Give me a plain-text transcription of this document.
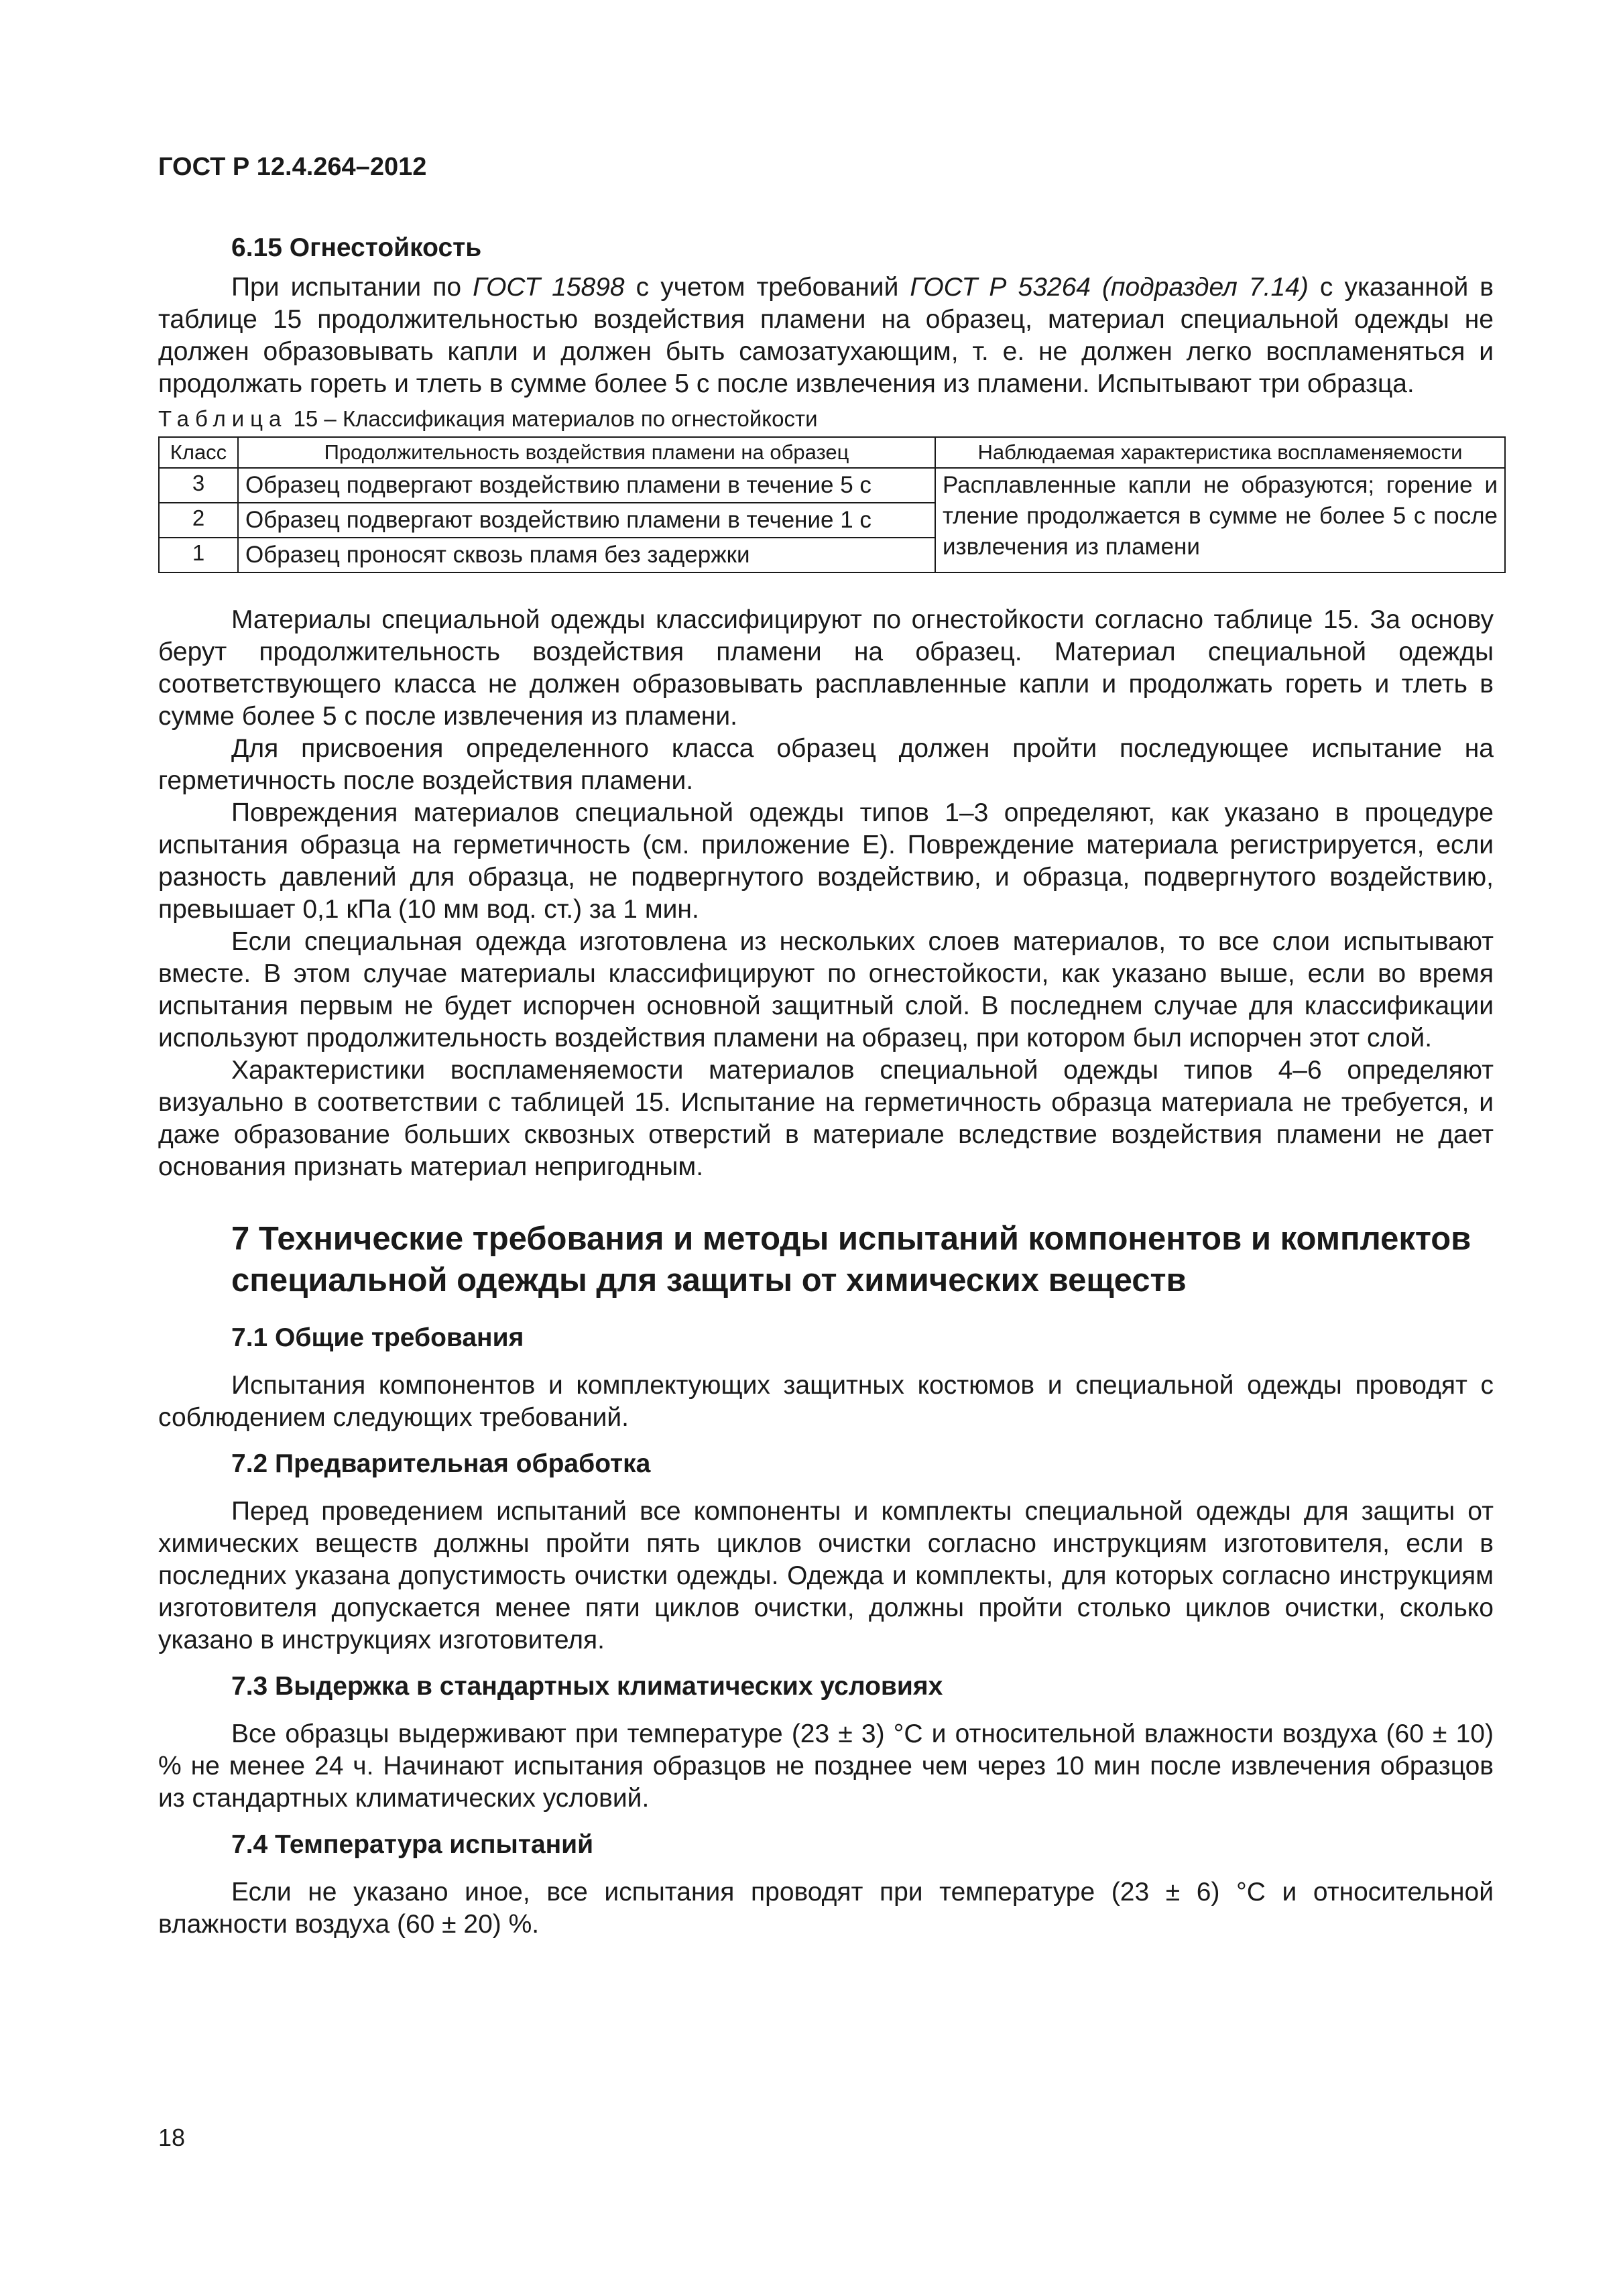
ГОСТ Р 12.4.264–2012

6.15 Огнестойкость

При испытании по ГОСТ 15898 с учетом требований ГОСТ Р 53264 (подраздел 7.14) с указанной в таблице 15 продолжительностью воздействия пламени на образец, материал специальной одежды не должен образовывать капли и должен быть самозатухающим, т. е. не должен легко воспламеняться и продолжать гореть и тлеть в сумме более 5 с после извлечения из пламени. Испытывают три образца.

Таблица 15 – Классификация материалов по огнестойкости

Класс	Продолжительность воздействия пламени на образец	Наблюдаемая характеристика воспламеняемости
3	Образец подвергают воздействию пламени в течение 5 с	Расплавленные капли не образуются; горение и тление продолжается в сумме не более 5 с после извлечения из пламени
2	Образец подвергают воздействию пламени в течение 1 с	
1	Образец проносят сквозь пламя без задержки	

Материалы специальной одежды классифицируют по огнестойкости согласно таблице 15. За основу берут продолжительность воздействия пламени на образец. Материал специальной одежды соответствующего класса не должен образовывать расплавленные капли и продолжать гореть и тлеть в сумме более 5 с после извлечения из пламени.

Для присвоения определенного класса образец должен пройти последующее испытание на герметичность после воздействия пламени.

Повреждения материалов специальной одежды типов 1–3 определяют, как указано в процедуре испытания образца на герметичность (см. приложение Е). Повреждение материала регистрируется, если разность давлений для образца, не подвергнутого воздействию, и образца, подвергнутого воздействию, превышает 0,1 кПа (10 мм вод. ст.) за 1 мин.

Если специальная одежда изготовлена из нескольких слоев материалов, то все слои испытывают вместе. В этом случае материалы классифицируют по огнестойкости, как указано выше, если во время испытания первым не будет испорчен основной защитный слой. В последнем случае для классификации используют продолжительность воздействия пламени на образец, при котором был испорчен этот слой.

Характеристики воспламеняемости материалов специальной одежды типов 4–6 определяют визуально в соответствии с таблицей 15. Испытание на герметичность образца материала не требуется, и даже образование больших сквозных отверстий в материале вследствие воздействия пламени не дает основания признать материал непригодным.

7 Технические требования и методы испытаний компонентов и комплектов специальной одежды для защиты от химических веществ

7.1 Общие требования

Испытания компонентов и комплектующих защитных костюмов и специальной одежды проводят с соблюдением следующих требований.

7.2 Предварительная обработка

Перед проведением испытаний все компоненты и комплекты специальной одежды для защиты от химических веществ должны пройти пять циклов очистки согласно инструкциям изготовителя, если в последних указана допустимость очистки одежды. Одежда и комплекты, для которых согласно инструкциям изготовителя допускается менее пяти циклов очистки, должны пройти столько циклов очистки, сколько указано в инструкциях изготовителя.

7.3 Выдержка в стандартных климатических условиях

Все образцы выдерживают при температуре (23 ± 3) °С и относительной влажности воздуха (60 ± 10) % не менее 24 ч. Начинают испытания образцов не позднее чем через 10 мин после извлечения образцов из стандартных климатических условий.

7.4 Температура испытаний

Если не указано иное, все испытания проводят при температуре (23 ± 6) °С и относительной влажности воздуха (60 ± 20) %.

18
